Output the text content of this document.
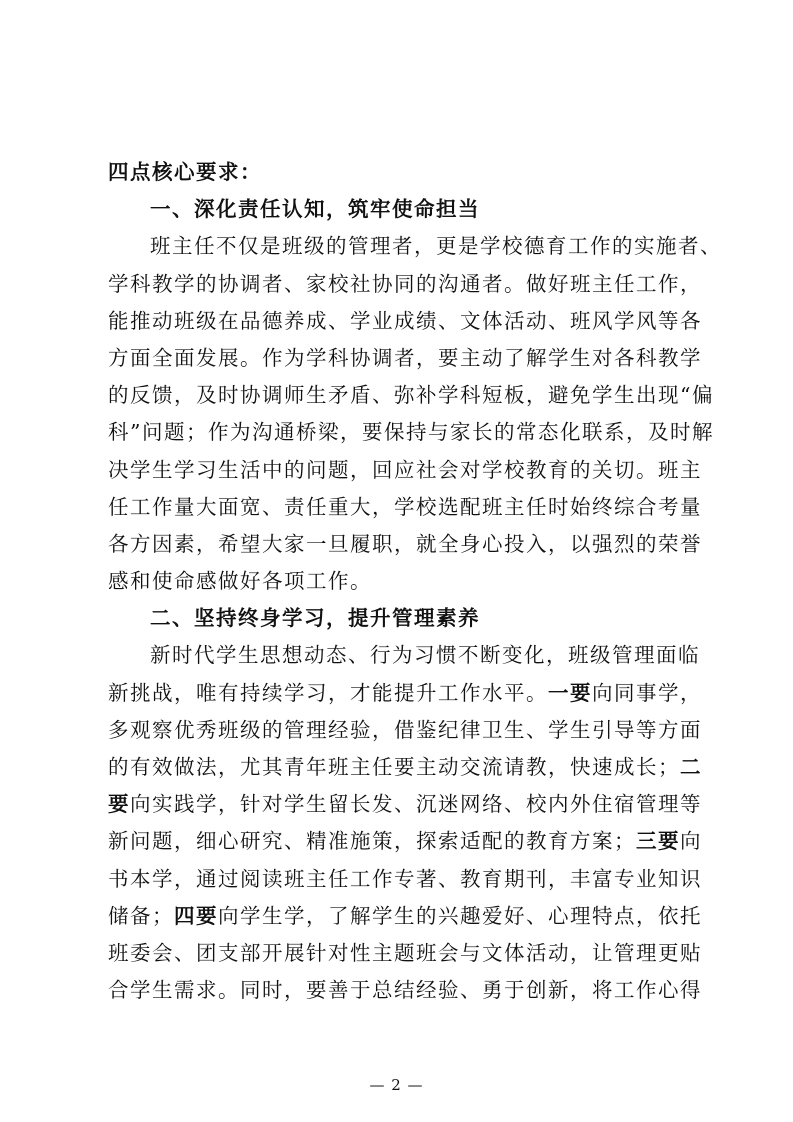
四点核心要求：
一、深化责任认知，筑牢使命担当
班主任不仅是班级的管理者，更是学校德育工作的实施者、
学科教学的协调者、家校社协同的沟通者。做好班主任工作，
能推动班级在品德养成、学业成绩、文体活动、班风学风等各
方面全面发展。作为学科协调者，要主动了解学生对各科教学
的反馈，及时协调师生矛盾、弥补学科短板，避免学生出现“偏
科”问题；作为沟通桥梁，要保持与家长的常态化联系，及时解
决学生学习生活中的问题，回应社会对学校教育的关切。班主
任工作量大面宽、责任重大，学校选配班主任时始终综合考量
各方因素，希望大家一旦履职，就全身心投入，以强烈的荣誉
感和使命感做好各项工作。
二、坚持终身学习，提升管理素养
新时代学生思想动态、行为习惯不断变化，班级管理面临
新挑战，唯有持续学习，才能提升工作水平。一要向同事学，
多观察优秀班级的管理经验，借鉴纪律卫生、学生引导等方面
的有效做法，尤其青年班主任要主动交流请教，快速成长；二
要向实践学，针对学生留长发、沉迷网络、校内外住宿管理等
新问题，细心研究、精准施策，探索适配的教育方案；三要向
书本学，通过阅读班主任工作专著、教育期刊，丰富专业知识
储备；四要向学生学，了解学生的兴趣爱好、心理特点，依托
班委会、团支部开展针对性主题班会与文体活动，让管理更贴
合学生需求。同时，要善于总结经验、勇于创新，将工作心得
— 2 —
